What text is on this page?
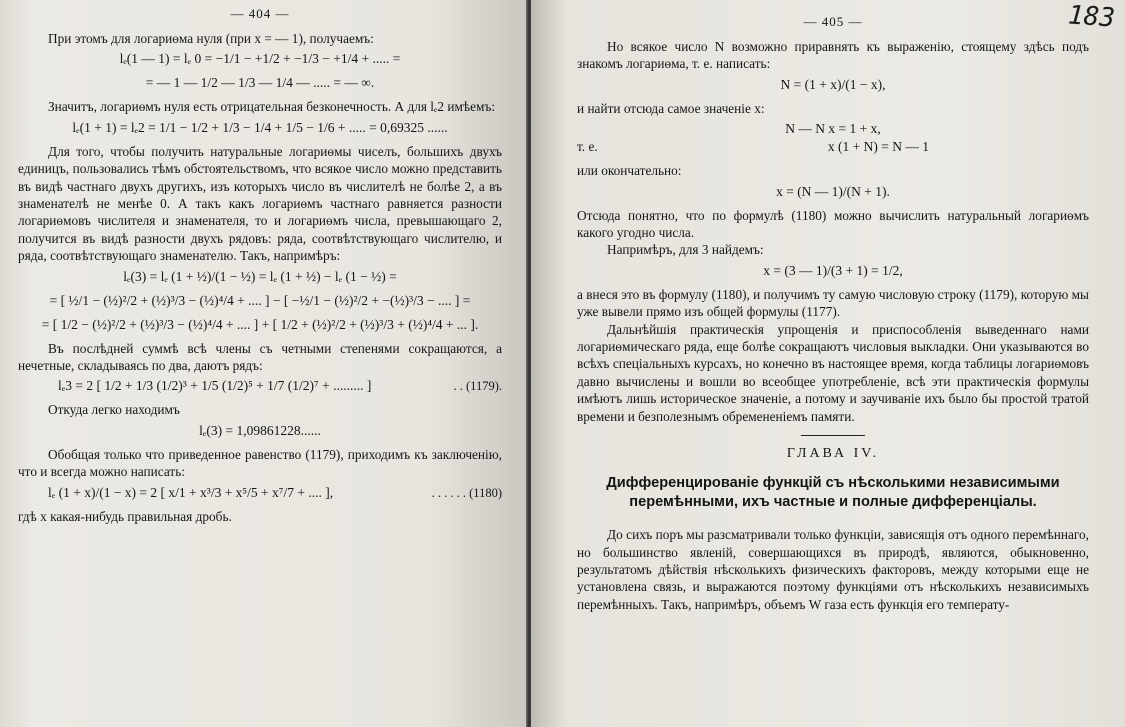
— 404 —

При этомъ для логариѳма нуля (при x = — 1), получаемъ:

lₑ(1 — 1) = lₑ 0 = −1/1 − +1/2 + −1/3 − +1/4 + ..... =
= — 1 — 1/2 — 1/3 — 1/4 — ..... = — ∞.

Значитъ, логариѳмъ нуля есть отрицательная безконечность. А для lₑ2 имѣемъ:

lₑ(1 + 1) = lₑ2 = 1/1 − 1/2 + 1/3 − 1/4 + 1/5 − 1/6 + ..... = 0,69325 ......

Для того, чтобы получить натуральные логариѳмы чиселъ, большихъ двухъ единицъ, пользовались тѣмъ обстоятельствомъ, что всякое число можно представить въ видѣ частнаго двухъ другихъ, изъ которыхъ число въ числителѣ не болѣе 2, а въ знаменателѣ не менѣе 0. А такъ какъ логариѳмъ частнаго равняется разности логариѳмовъ числителя и знаменателя, то и логариѳмъ числа, превышающаго 2, получится въ видѣ разности двухъ рядовъ: ряда, соотвѣтствующаго числителю, и ряда, соотвѣтствующаго знаменателю. Такъ, напримѣръ:

lₑ(3) = lₑ (1 + ½)/(1 − ½) = lₑ (1 + ½) − lₑ (1 − ½) =
= [ ½/1 − (½)²/2 + (½)³/3 − (½)⁴/4 + .... ] − [ −½/1 − (½)²/2 + −(½)³/3 − .... ] =
= [ 1/2 − (½)²/2 + (½)³/3 − (½)⁴/4 + .... ] + [ 1/2 + (½)²/2 + (½)³/3 + (½)⁴/4 + ... ].

Въ послѣдней суммѣ всѣ члены съ четными степенями сокращаются, а нечетные, складываясь по два, даютъ рядъ:

lₑ3 = 2 [ 1/2 + 1/3 (1/2)³ + 1/5 (1/2)⁵ + 1/7 (1/2)⁷ + ......... ]	. . (1179).

Откуда легко находимъ

lₑ(3) = 1,09861228......

Обобщая только что приведенное равенство (1179), приходимъ къ заключенію, что и всегда можно написать:

lₑ (1 + x)/(1 − x) = 2 [ x/1 + x³/3 + x⁵/5 + x⁷/7 + .... ],	. . . . . . (1180)

гдѣ x какая-нибудь правильная дробь.

183
— 405 —

Но всякое число N возможно приравнять къ выраженію, стоящему здѣсь подъ знакомъ логариѳма, т. е. написать:

N = (1 + x)/(1 − x),

и найти отсюда самое значеніе x:

N — N x = 1 + x,
т. е.	x (1 + N) = N — 1

или окончательно:

x = (N — 1)/(N + 1).

Отсюда понятно, что по формулѣ (1180) можно вычислить натуральный логариѳмъ какого угодно числа.

Напримѣръ, для 3 найдемъ:

x = (3 — 1)/(3 + 1) = 1/2,

а внеся это въ формулу (1180), и получимъ ту самую числовую строку (1179), которую мы уже вывели прямо изъ общей формулы (1177).

Дальнѣйшія практическія упрощенія и приспособленія выведеннаго нами логариѳмическаго ряда, еще болѣе сокращаютъ числовыя выкладки. Они указываются во всѣхъ спеціальныхъ курсахъ, но конечно въ настоящее время, когда таблицы логариѳмовъ давно вычислены и вошли во всеобщее употребленіе, всѣ эти практическія формулы имѣютъ лишь историческое значеніе, а потому и заучиваніе ихъ было бы простой тратой времени и безполезнымъ обремененіемъ памяти.

ГЛАВА IV.
Дифференцированіе функцій съ нѣсколькими независимыми перемѣнными, ихъ частные и полные дифференціалы.

До сихъ поръ мы разсматривали только функціи, зависящія отъ одного перемѣннаго, но большинство явленій, совершающихся въ природѣ, являются, обыкновенно, результатомъ дѣйствія нѣсколькихъ физическихъ факторовъ, между которыми еще не установлена связь, и выражаются поэтому функціями отъ нѣсколькихъ независимыхъ перемѣнныхъ. Такъ, напримѣръ, объемъ W газа есть функція его температу-
